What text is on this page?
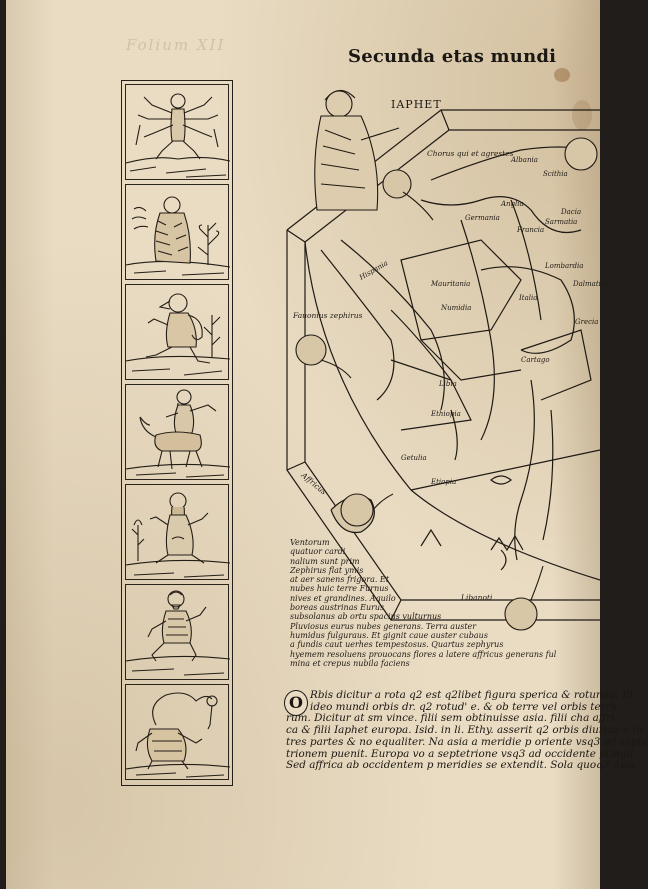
Folium XII
Secunda etas mundi
IAPHET
Chorus qui et agrestes
Fauonius zephirus
Affricus
Libanoti
Albania
Scithia
Germania
Anglia
Francia
Sarmatia
Dacia
Lombardia
Dalmatia
Grecia
Italia
Hispania
Mauritania
Numidia
Libia
Cartago
Ethiopia
Getulia
Etiopia
Ventorum
quatuor cardi
nalium sunt prim
Zephirus flat ymis
at aer sanens frigora. Et
nubes huic terre Furnus
nives et grandines. Aquilo
boreas austrinas Eurus
subsolanus ab ortu spacius vulturnus
Pluviosus eurus nubes generans. Terra auster
humidus fulguraus. Et gignit caue auster cubaus
a fundis caut uerhes tempestosus. Quartus zephyrus
hyemem resoluens prouocans flores a latere affricus generans ful
mina et crepus nubila faciens
O Rbis dicitur a rota q2 est q2libet figura sperica & rotunda. Et
ideo mundi orbis dr. q2 rotud' e. & ob terre vel orbis terra
rum. Dicitur at sm vince. filii sem obtinuisse asia. filii cha affri
ca & filii Iaphet europa. Isid. in li. Ethy. asserit q2 orbis diuisus e in
tres partes & no equaliter. Na asia a meridie p oriente vsq3 ad septe
trionem puenit. Europa vo a septetrione vsq3 ad occidente ptingit.
Sed affrica ab occidentem p meridies se extendit. Sola quoq3 Asia
